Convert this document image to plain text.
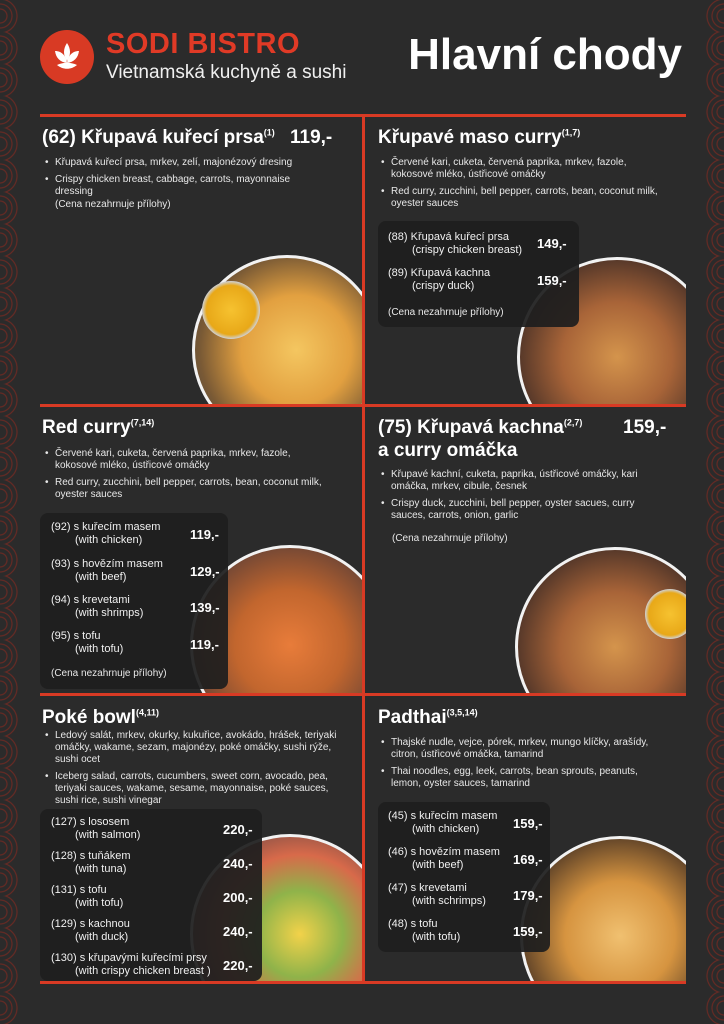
SODI BISTRO
Vietnamská kuchyně a sushi Hlavní chody
(62) Křupavá kuřecí prsa$^{(1)}$ 119,-
• Křupavá kuřecí prsa, mrkev, zelí, majonézový dresing
• Crispy chicken breast, cabbage, carrots, mayonnaise dressing
(Cena nezahrnuje přílohy)
Křupavé maso curry$^{(1,7)}$
• Červené kari, cuketa, červená paprika, mrkev, fazole, kokosové mléko, ústřicové omáčky
• Red curry, zucchini, bell pepper, carrots, bean, coconut milk, oyester sauces
(88) Křupavá kuřecí prsa
(crispy chicken breast) 149,-
(89) Křupavá kachna
(crispy duck)	159,-
(Cena nezahrnuje přílohy)
Red curry$^{(7,14)}$
• Červené kari, cuketa, červená paprika, mrkev, fazole, kokosové mléko, ústřicové omáčky
• Red curry, zucchini, bell pepper, carrots, bean, coconut milk, oyester sauces
(92) s kuřecím masem
(with chicken)	119,-
(93) s hovězím masem
(with beef)	129,-
(94) s krevetami
(with shrimps)	139,-
(95) s tofu
(with tofu)	119,-
(Cena nezahrnuje přílohy)
(75) Křupavá kachna$^{(2,7)}$ 159,-
a curry omáčka
• Křupavé kachní, cuketa, paprika, ústřicové omáčky, kari omáčka, mrkev, cibule, česnek
• Crispy duck, zucchini, bell pepper, oyster sacues, curry sauces, carrots, onion, garlic
(Cena nezahrnuje přílohy)
Poké bowl$^{(4,11)}$
• Ledový salát, mrkev, okurky, kukuřice, avokádo, hrášek, teriyaki omáčky, wakame, sezam, majonézy, poké omáčky, sushi rýže, sushi ocet
• Iceberg salad, carrots, cucumbers, sweet corn, avocado, pea, teriyaki sauces, wakame, sesame, mayonnaise, poké sauces, sushi rice, sushi vinegar
(127) s lososem
(with salmon)	220,-
(128) s tuňákem
(with tuna)	240,-
(131) s tofu
(with tofu)	200,-
(129) s kachnou
(with duck)	240,-
(130) s křupavými kuřecími prsy
(with crispy chicken breast ) 220,-
Padthai$^{(3,5,14)}$
• Thajské nudle, vejce, pórek, mrkev, mungo klíčky, arašídy, citron, ústřicové omáčka, tamarind
• Thai noodles, egg, leek, carrots, bean sprouts, peanuts, lemon, oyster sauces, tamarind
(45) s kuřecím masem
(with chicken)	159,-
(46) s hovězím masem
(with beef)	169,-
(47) s krevetami
(with schrimps) 179,-
(48) s tofu
(with tofu)	159,-
